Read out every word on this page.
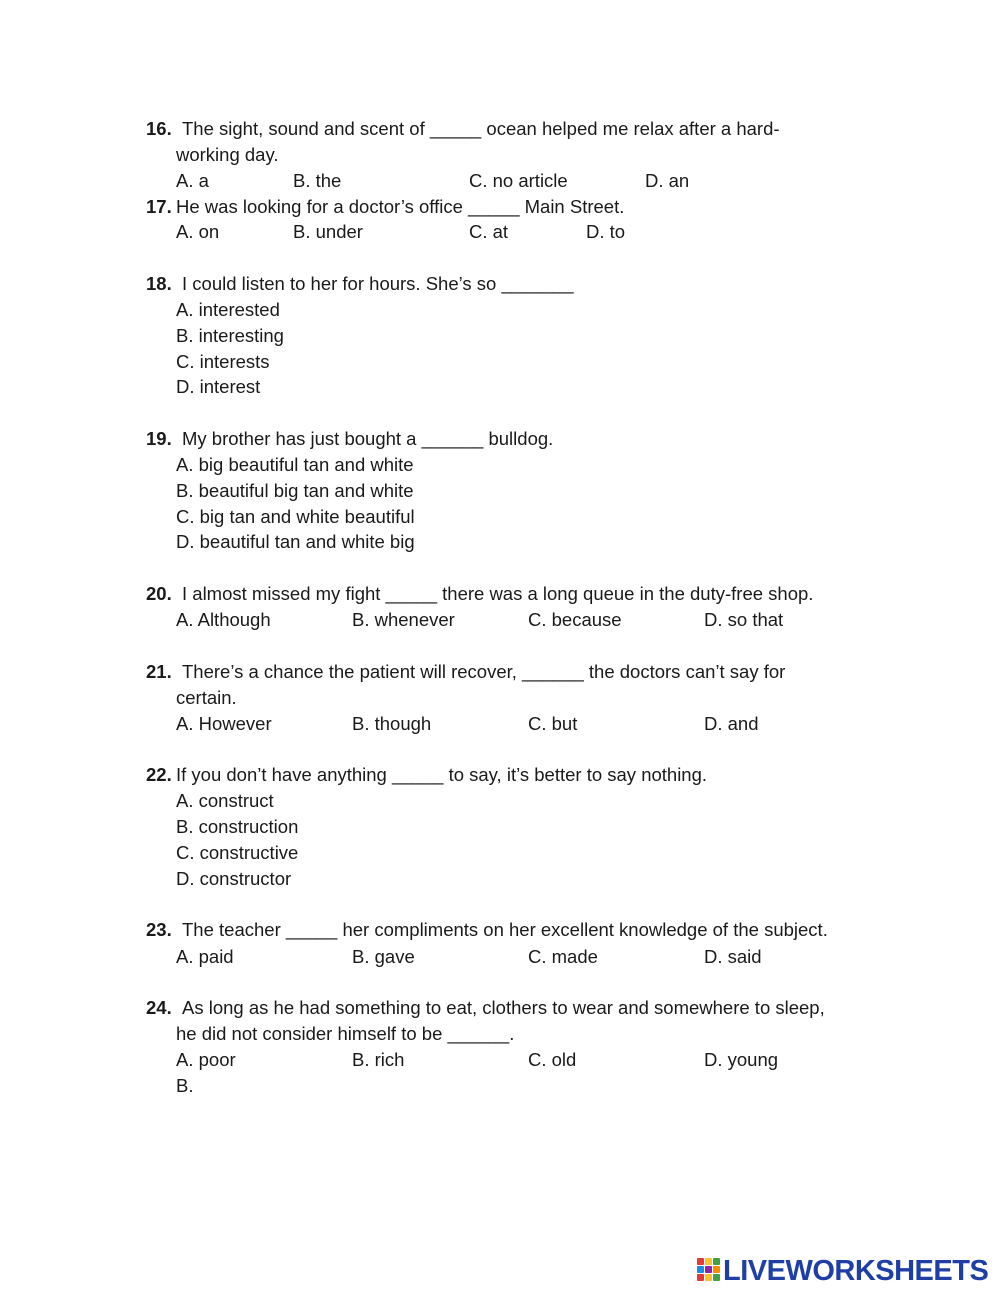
16. The sight, sound and scent of _____ ocean helped me relax after a hard-
working day.
A. a	B. the	C. no article	D. an
17. He was looking for a doctor’s office _____ Main Street.
A. on	B. under	C. at	D. to
18. I could listen to her for hours. She’s so _______
A. interested
B. interesting
C. interests
D. interest
19. My brother has just bought a ______ bulldog.
A. big beautiful tan and white
B. beautiful big tan and white
C. big tan and white beautiful
D. beautiful tan and white big
20. I almost missed my fight _____ there was a long queue in the duty-free shop.
A. Although	B. whenever	C. because	D. so that
21. There’s a chance the patient will recover, ______ the doctors can’t say for
certain.
A. However	B. though	C. but	D. and
22. If you don’t have anything _____ to say, it’s better to say nothing.
A. construct
B. construction
C. constructive
D. constructor
23. The teacher _____ her compliments on her excellent knowledge of the subject.
A. paid	B. gave	C. made	D. said
24. As long as he had something to eat, clothers to wear and somewhere to sleep,
he did not consider himself to be ______.
A. poor	B. rich	C. old	D. young
B.
LIVEWORKSHEETS
